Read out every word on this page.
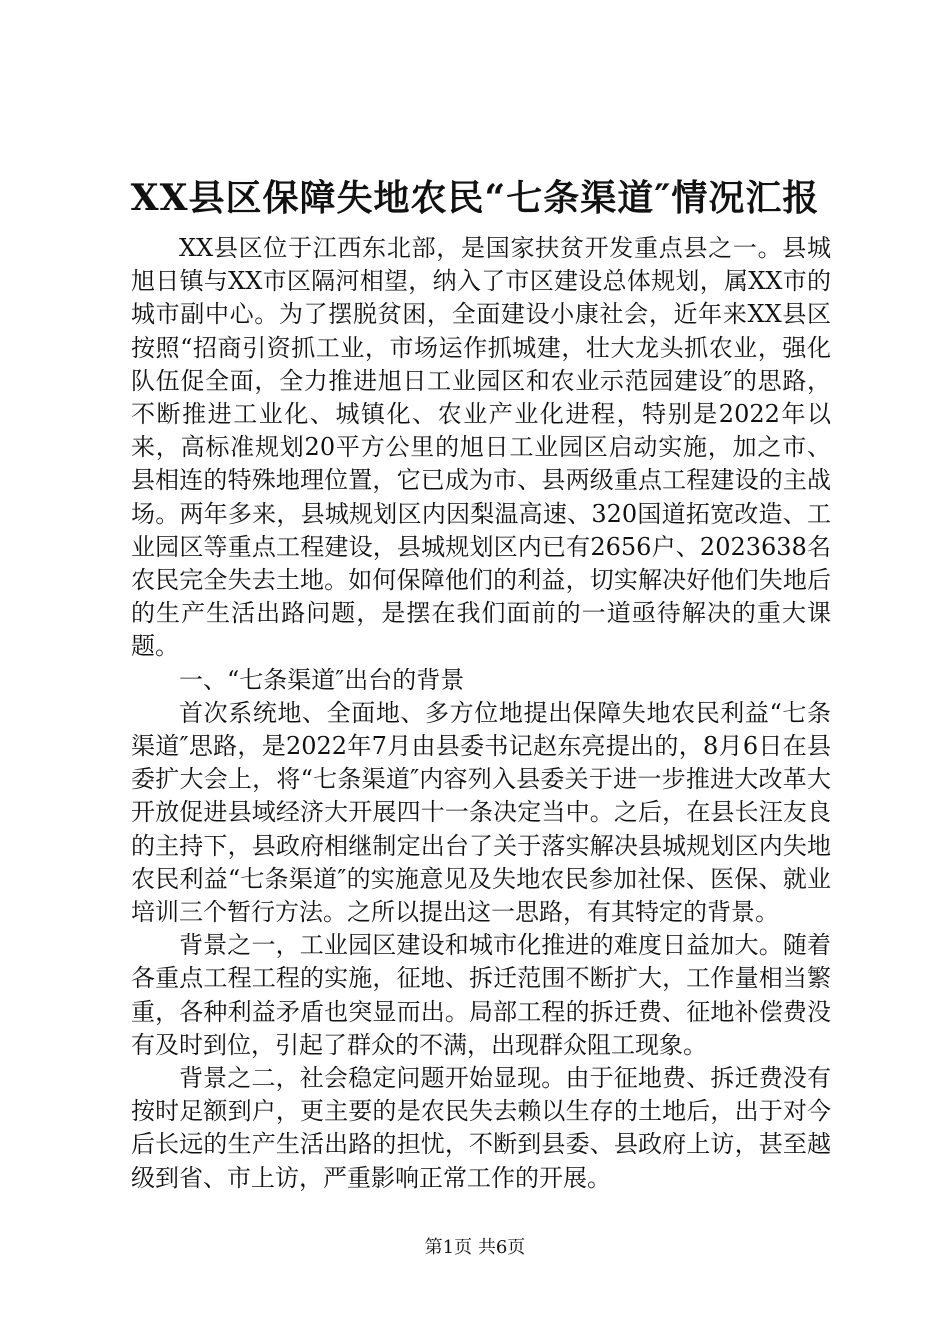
XX县区保障失地农民“七条渠道″情况汇报

XX县区位于江西东北部，是国家扶贫开发重点县之一。县城旭日镇与XX市区隔河相望，纳入了市区建设总体规划，属XX市的城市副中心。为了摆脱贫困，全面建设小康社会，近年来XX县区按照“招商引资抓工业，市场运作抓城建，壮大龙头抓农业，强化队伍促全面，全力推进旭日工业园区和农业示范园建设″的思路，不断推进工业化、城镇化、农业产业化进程，特别是2022年以来，高标准规划20平方公里的旭日工业园区启动实施，加之市、县相连的特殊地理位置，它已成为市、县两级重点工程建设的主战场。两年多来，县城规划区内因梨温高速、320国道拓宽改造、工业园区等重点工程建设，县城规划区内已有2656户、2023638名农民完全失去土地。如何保障他们的利益，切实解决好他们失地后的生产生活出路问题，是摆在我们面前的一道亟待解决的重大课题。

一、“七条渠道″出台的背景

首次系统地、全面地、多方位地提出保障失地农民利益“七条渠道″思路，是2022年7月由县委书记赵东亮提出的，8月6日在县委扩大会上，将“七条渠道″内容列入县委关于进一步推进大改革大开放促进县域经济大开展四十一条决定当中。之后，在县长汪友良的主持下，县政府相继制定出台了关于落实解决县城规划区内失地农民利益“七条渠道″的实施意见及失地农民参加社保、医保、就业培训三个暂行方法。之所以提出这一思路，有其特定的背景。

背景之一，工业园区建设和城市化推进的难度日益加大。随着各重点工程工程的实施，征地、拆迁范围不断扩大，工作量相当繁重，各种利益矛盾也突显而出。局部工程的拆迁费、征地补偿费没有及时到位，引起了群众的不满，出现群众阻工现象。

背景之二，社会稳定问题开始显现。由于征地费、拆迁费没有按时足额到户，更主要的是农民失去赖以生存的土地后，出于对今后长远的生产生活出路的担忧，不断到县委、县政府上访，甚至越级到省、市上访，严重影响正常工作的开展。

第1页 共6页
